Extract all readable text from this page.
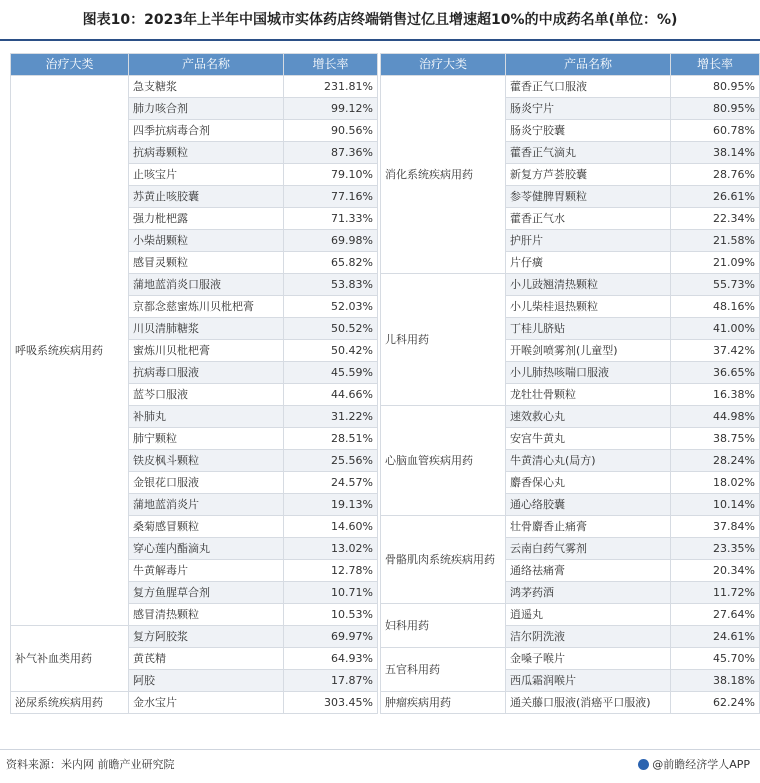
图表10：2023年上半年中国城市实体药店终端销售过亿且增速超10%的中成药名单(单位：%)
治疗大类	产品名称	增长率
呼吸系统疾病用药	急支糖浆	231.81%
	肺力咳合剂	99.12%
	四季抗病毒合剂	90.56%
	抗病毒颗粒	87.36%
	止咳宝片	79.10%
	苏黄止咳胶囊	77.16%
	强力枇杷露	71.33%
	小柴胡颗粒	69.98%
	感冒灵颗粒	65.82%
	蒲地蓝消炎口服液	53.83%
	京都念慈蜜炼川贝枇杷膏	52.03%
	川贝清肺糖浆	50.52%
	蜜炼川贝枇杷膏	50.42%
	抗病毒口服液	45.59%
	蓝芩口服液	44.66%
	补肺丸	31.22%
	肺宁颗粒	28.51%
	铁皮枫斗颗粒	25.56%
	金银花口服液	24.57%
	蒲地蓝消炎片	19.13%
	桑菊感冒颗粒	14.60%
	穿心莲内酯滴丸	13.02%
	牛黄解毒片	12.78%
	复方鱼腥草合剂	10.71%
	感冒清热颗粒	10.53%
补气补血类用药	复方阿胶浆	69.97%
	黄芪精	64.93%
	阿胶	17.87%
泌尿系统疾病用药	金水宝片	303.45%
治疗大类	产品名称	增长率
消化系统疾病用药	藿香正气口服液	80.95%
	肠炎宁片	80.95%
	肠炎宁胶囊	60.78%
	藿香正气滴丸	38.14%
	新复方芦荟胶囊	28.76%
	参苓健脾胃颗粒	26.61%
	藿香正气水	22.34%
	护肝片	21.58%
	片仔癀	21.09%
儿科用药	小儿豉翘清热颗粒	55.73%
	小儿柴桂退热颗粒	48.16%
	丁桂儿脐贴	41.00%
	开喉剑喷雾剂(儿童型)	37.42%
	小儿肺热咳喘口服液	36.65%
	龙牡壮骨颗粒	16.38%
心脑血管疾病用药	速效救心丸	44.98%
	安宫牛黄丸	38.75%
	牛黄清心丸(局方)	28.24%
	麝香保心丸	18.02%
	通心络胶囊	10.14%
骨骼肌肉系统疾病用药	壮骨麝香止痛膏	37.84%
	云南白药气雾剂	23.35%
	通络祛痛膏	20.34%
	鸿茅药酒	11.72%
妇科用药	逍遥丸	27.64%
	洁尔阴洗液	24.61%
五官科用药	金嗓子喉片	45.70%
	西瓜霜润喉片	38.18%
肿瘤疾病用药	通关藤口服液(消癌平口服液)	62.24%
资料来源：米内网 前瞻产业研究院	@前瞻经济学人APP
